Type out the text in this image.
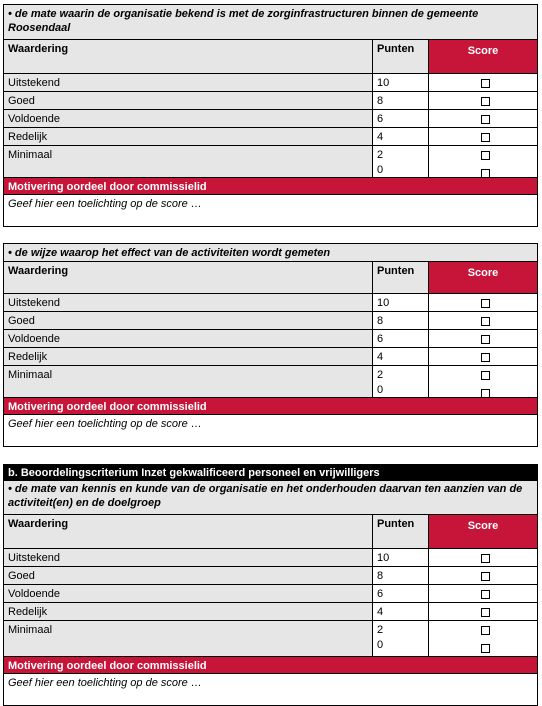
• de mate waarin de organisatie bekend is met de zorginfrastructuren binnen de gemeente Roosendaal
Waardering	Punten	Score
Uitstekend	10
Goed	8
Voldoende	6
Redelijk	4
Minimaal	2
0
Motivering oordeel door commissielid
Geef hier een toelichting op de score …
• de wijze waarop het effect van de activiteiten wordt gemeten
Waardering	Punten	Score
Uitstekend	10
Goed	8
Voldoende	6
Redelijk	4
Minimaal	2
0
Motivering oordeel door commissielid
Geef hier een toelichting op de score …
b. Beoordelingscriterium Inzet gekwalificeerd personeel en vrijwilligers
• de mate van kennis en kunde van de organisatie en het onderhouden daarvan ten aanzien van de activiteit(en) en de doelgroep
Waardering	Punten	Score
Uitstekend	10
Goed	8
Voldoende	6
Redelijk	4
Minimaal	2
0
Motivering oordeel door commissielid
Geef hier een toelichting op de score …
